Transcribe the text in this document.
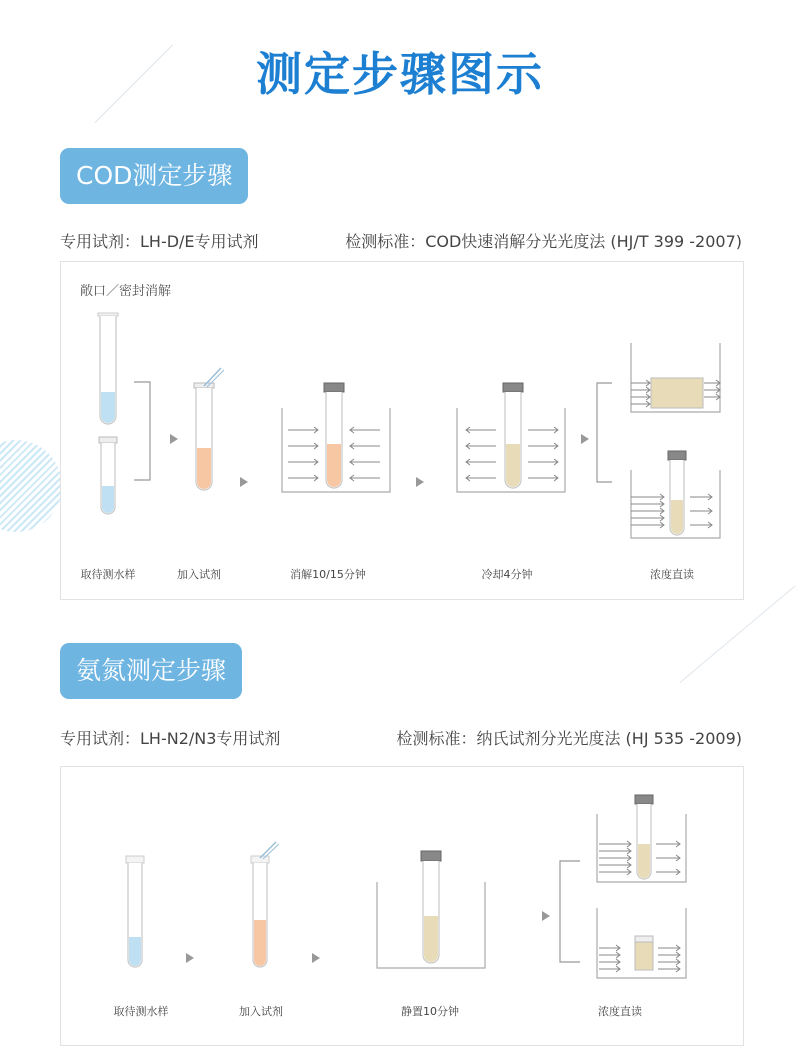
测定步骤图示
COD测定步骤
专用试剂：LH-D/E专用试剂	检测标准：COD快速消解分光光度法 (HJ/T 399 -2007)
敞口／密封消解
取待测水样	加入试剂	消解10/15分钟	冷却4分钟	浓度直读
氨氮测定步骤
专用试剂：LH-N2/N3专用试剂	检测标准：纳氏试剂分光光度法 (HJ 535 -2009)
取待测水样	加入试剂	静置10分钟	浓度直读
